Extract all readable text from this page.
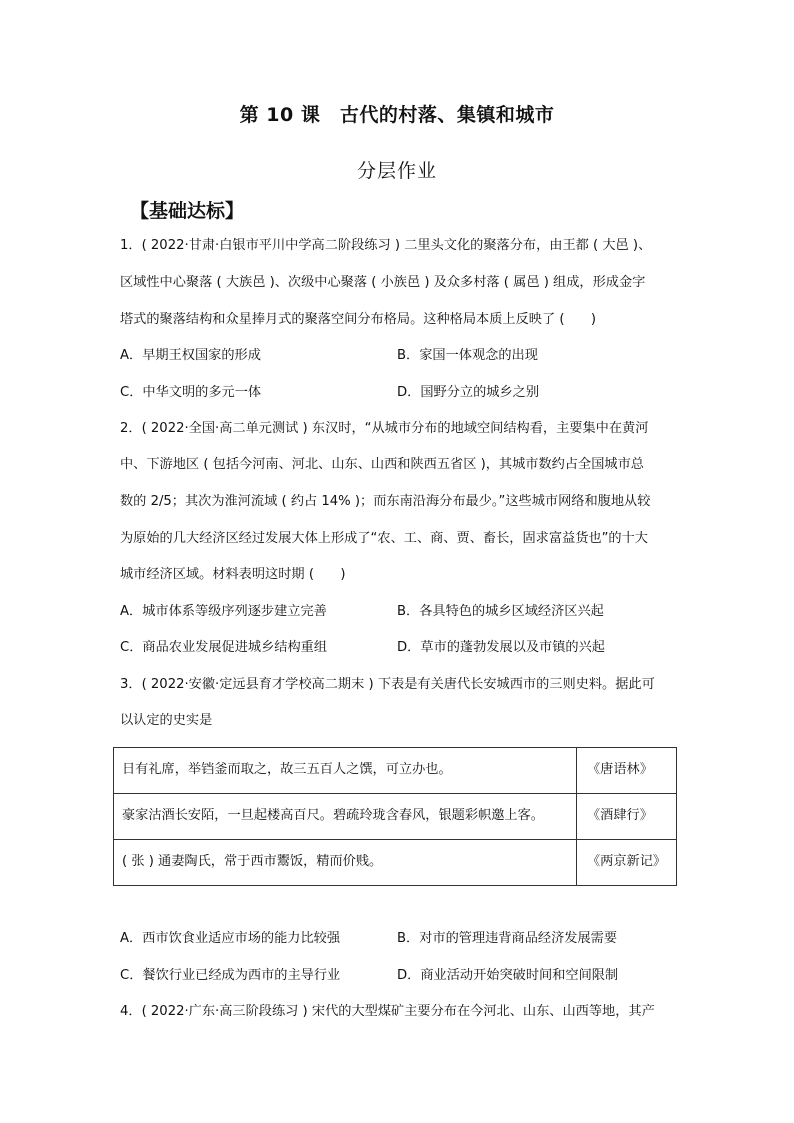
第 10 课　古代的村落、集镇和城市
分层作业
【基础达标】
1．( 2022·甘肃·白银市平川中学高二阶段练习 ) 二里头文化的聚落分布，由王都 ( 大邑 )、
区域性中心聚落 ( 大族邑 )、次级中心聚落 ( 小族邑 ) 及众多村落 ( 属邑 ) 组成，形成金字
塔式的聚落结构和众星捧月式的聚落空间分布格局。这种格局本质上反映了 (　　)
A．早期王权国家的形成	B．家国一体观念的出现
C．中华文明的多元一体	D．国野分立的城乡之别
2．( 2022·全国·高二单元测试 ) 东汉时，“从城市分布的地域空间结构看，主要集中在黄河
中、下游地区 ( 包括今河南、河北、山东、山西和陕西五省区 )，其城市数约占全国城市总
数的 2/5；其次为淮河流域 ( 约占 14% )；而东南沿海分布最少。”这些城市网络和腹地从较
为原始的几大经济区经过发展大体上形成了“农、工、商、贾、畜长，固求富益货也”的十大
城市经济区域。材料表明这时期 (　　)
A．城市体系等级序列逐步建立完善	B．各具特色的城乡区域经济区兴起
C．商品农业发展促进城乡结构重组	D．草市的蓬勃发展以及市镇的兴起
3．( 2022·安徽·定远县育才学校高二期末 ) 下表是有关唐代长安城西市的三则史料。据此可
以认定的史实是
日有礼席，举铛釜而取之，故三五百人之馔，可立办也。	《唐语林》
豪家沽酒长安陌，一旦起楼高百尺。碧疏玲珑含春风，银题彩帜邀上客。	《酒肆行》
( 张 ) 通妻陶氏，常于西市鬻饭，精而价贱。	《两京新记》
A．西市饮食业适应市场的能力比较强	B．对市的管理违背商品经济发展需要
C．餐饮行业已经成为西市的主导行业	D．商业活动开始突破时间和空间限制
4．( 2022·广东·高三阶段练习 ) 宋代的大型煤矿主要分布在今河北、山东、山西等地，其产
